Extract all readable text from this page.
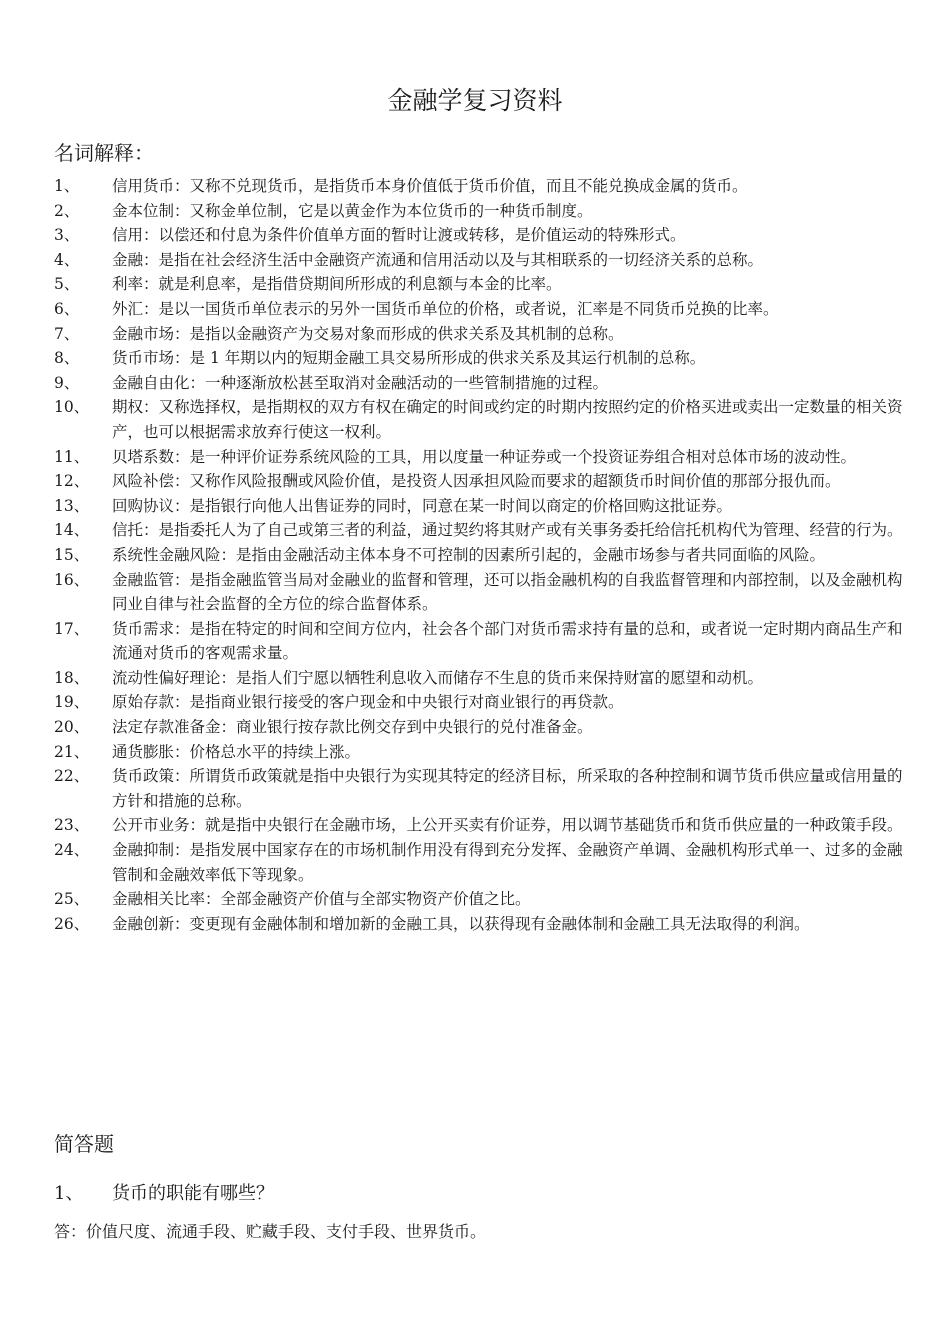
金融学复习资料
名词解释：
1、	信用货币：又称不兑现货币，是指货币本身价值低于货币价值，而且不能兑换成金属的货币。
2、	金本位制：又称金单位制，它是以黄金作为本位货币的一种货币制度。
3、	信用：以偿还和付息为条件价值单方面的暂时让渡或转移，是价值运动的特殊形式。
4、	金融：是指在社会经济生活中金融资产流通和信用活动以及与其相联系的一切经济关系的总称。
5、	利率：就是利息率，是指借贷期间所形成的利息额与本金的比率。
6、	外汇：是以一国货币单位表示的另外一国货币单位的价格，或者说，汇率是不同货币兑换的比率。
7、	金融市场：是指以金融资产为交易对象而形成的供求关系及其机制的总称。
8、	货币市场：是 1 年期以内的短期金融工具交易所形成的供求关系及其运行机制的总称。
9、	金融自由化：一种逐渐放松甚至取消对金融活动的一些管制措施的过程。
10、	期权：又称选择权，是指期权的双方有权在确定的时间或约定的时期内按照约定的价格买进或卖出一定数量的相关资产，也可以根据需求放弃行使这一权利。
11、	贝塔系数：是一种评价证券系统风险的工具，用以度量一种证券或一个投资证券组合相对总体市场的波动性。
12、	风险补偿：又称作风险报酬或风险价值，是投资人因承担风险而要求的超额货币时间价值的那部分报仇而。
13、	回购协议：是指银行向他人出售证券的同时，同意在某一时间以商定的价格回购这批证券。
14、	信托：是指委托人为了自己或第三者的利益，通过契约将其财产或有关事务委托给信托机构代为管理、经营的行为。
15、	系统性金融风险：是指由金融活动主体本身不可控制的因素所引起的，金融市场参与者共同面临的风险。
16、	金融监管：是指金融监管当局对金融业的监督和管理，还可以指金融机构的自我监督管理和内部控制，以及金融机构同业自律与社会监督的全方位的综合监督体系。
17、	货币需求：是指在特定的时间和空间方位内，社会各个部门对货币需求持有量的总和，或者说一定时期内商品生产和流通对货币的客观需求量。
18、	流动性偏好理论：是指人们宁愿以牺牲利息收入而储存不生息的货币来保持财富的愿望和动机。
19、	原始存款：是指商业银行接受的客户现金和中央银行对商业银行的再贷款。
20、	法定存款准备金：商业银行按存款比例交存到中央银行的兑付准备金。
21、	通货膨胀：价格总水平的持续上涨。
22、	货币政策：所谓货币政策就是指中央银行为实现其特定的经济目标，所采取的各种控制和调节货币供应量或信用量的方针和措施的总称。
23、	公开市业务：就是指中央银行在金融市场，上公开买卖有价证券，用以调节基础货币和货币供应量的一种政策手段。
24、	金融抑制：是指发展中国家存在的市场机制作用没有得到充分发挥、金融资产单调、金融机构形式单一、过多的金融管制和金融效率低下等现象。
25、	金融相关比率：全部金融资产价值与全部实物资产价值之比。
26、	金融创新：变更现有金融体制和增加新的金融工具，以获得现有金融体制和金融工具无法取得的利润。
简答题
1、	货币的职能有哪些？
答：价值尺度、流通手段、贮藏手段、支付手段、世界货币。
